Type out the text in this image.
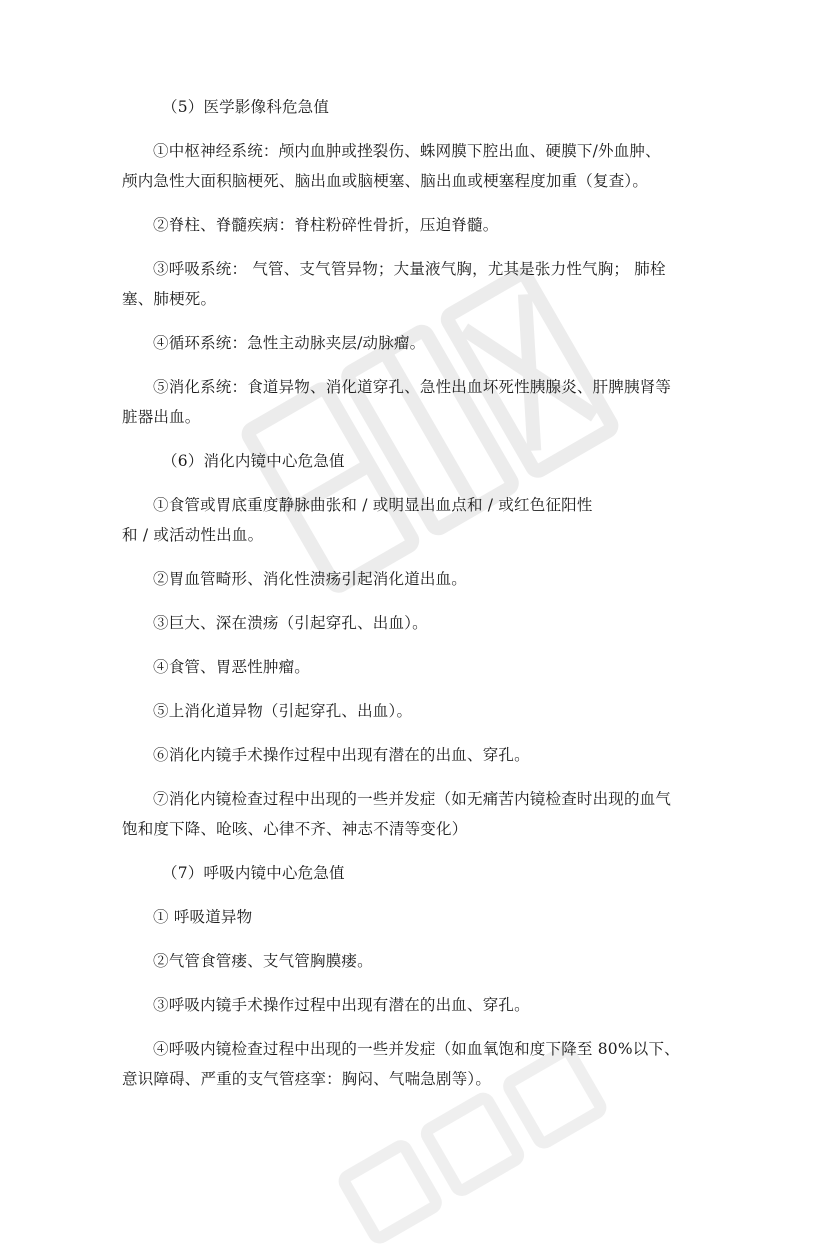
（5）医学影像科危急值

①中枢神经系统：颅内血肿或挫裂伤、蛛网膜下腔出血、硬膜下/外血肿、
颅内急性大面积脑梗死、脑出血或脑梗塞、脑出血或梗塞程度加重（复查）。

②脊柱、脊髓疾病：脊柱粉碎性骨折，压迫脊髓。

③呼吸系统： 气管、支气管异物；大量液气胸，尤其是张力性气胸； 肺栓
塞、肺梗死。

④循环系统：急性主动脉夹层/动脉瘤。

⑤消化系统：食道异物、消化道穿孔、急性出血坏死性胰腺炎、肝脾胰肾等
脏器出血。

（6）消化内镜中心危急值

①食管或胃底重度静脉曲张和 / 或明显出血点和 / 或红色征阳性
和 / 或活动性出血。

②胃血管畸形、消化性溃疡引起消化道出血。

③巨大、深在溃疡（引起穿孔、出血）。

④食管、胃恶性肿瘤。

⑤上消化道异物（引起穿孔、出血）。

⑥消化内镜手术操作过程中出现有潜在的出血、穿孔。

⑦消化内镜检查过程中出现的一些并发症（如无痛苦内镜检查时出现的血气
饱和度下降、呛咳、心律不齐、神志不清等变化）

（7）呼吸内镜中心危急值

① 呼吸道异物

②气管食管瘘、支气管胸膜瘘。

③呼吸内镜手术操作过程中出现有潜在的出血、穿孔。

④呼吸内镜检查过程中出现的一些并发症（如血氧饱和度下降至 80%以下、
意识障碍、严重的支气管痉挛：胸闷、气喘急剧等）。
